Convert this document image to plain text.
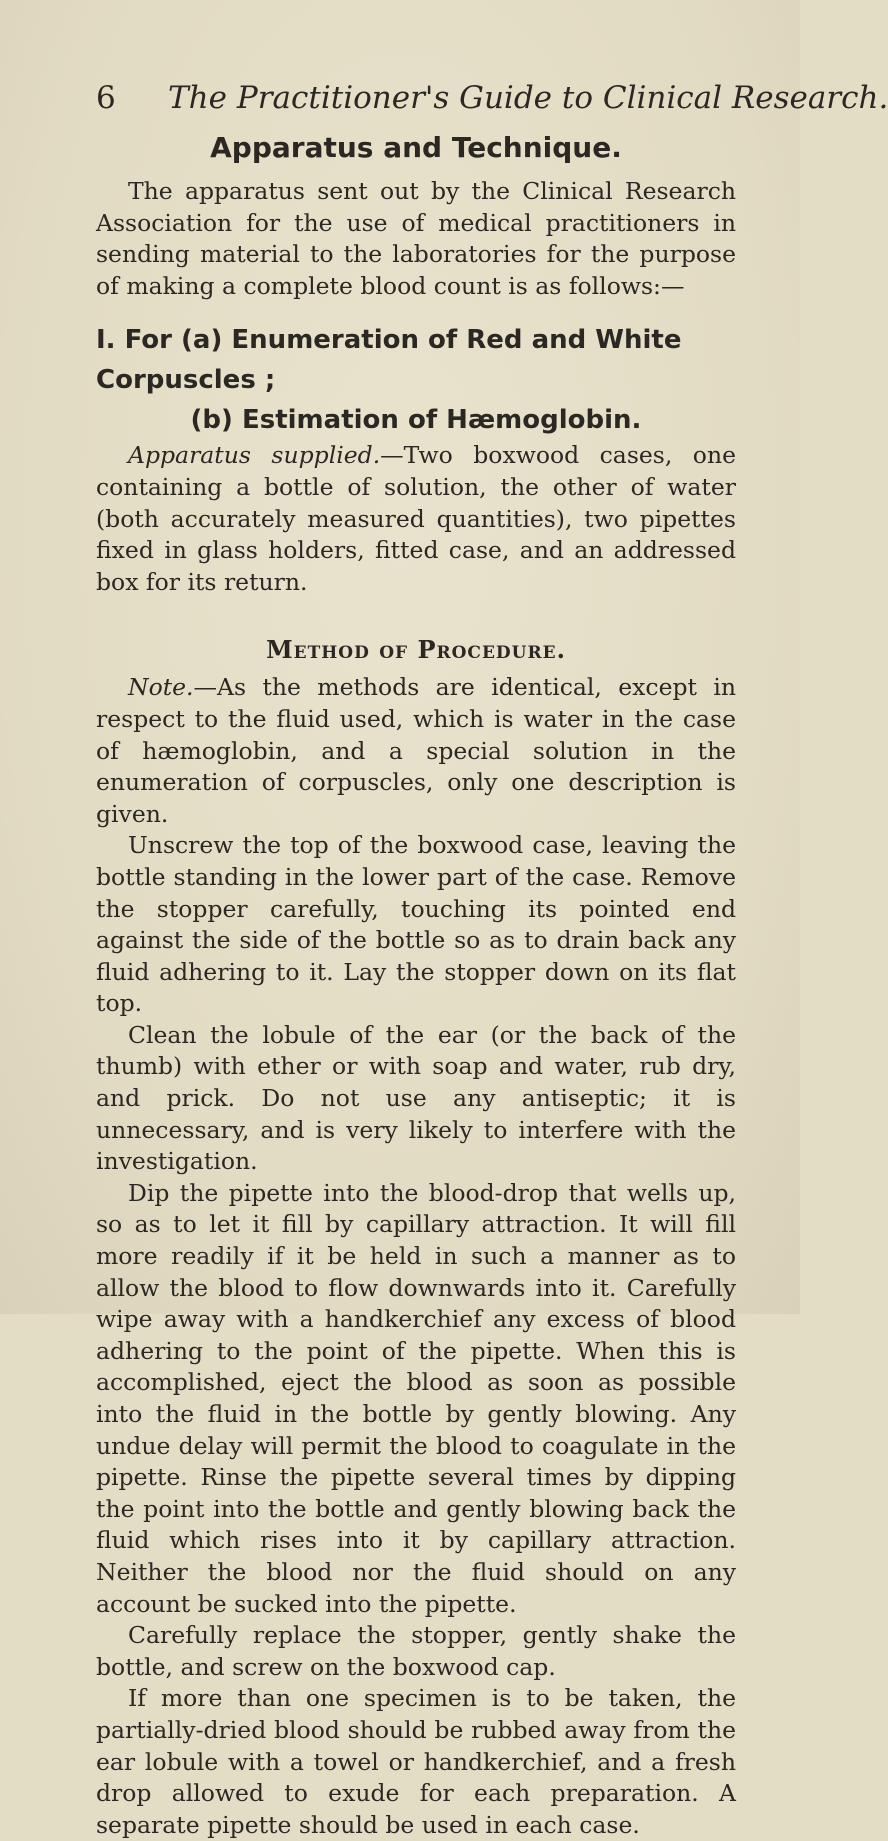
6 The Practitioner's Guide to Clinical Research.
Apparatus and Technique.

The apparatus sent out by the Clinical Research Association for the use of medical practitioners in sending material to the laboratories for the purpose of making a complete blood count is as follows:—

I. For (a) Enumeration of Red and White Corpuscles ;
(b) Estimation of Hæmoglobin.

Apparatus supplied.—Two boxwood cases, one containing a bottle of solution, the other of water (both accurately measured quantities), two pipettes fixed in glass holders, fitted case, and an addressed box for its return.

Method of Procedure.

Note.—As the methods are identical, except in respect to the fluid used, which is water in the case of hæmoglobin, and a special solution in the enumeration of corpuscles, only one description is given.

Unscrew the top of the boxwood case, leaving the bottle standing in the lower part of the case. Remove the stopper carefully, touching its pointed end against the side of the bottle so as to drain back any fluid adhering to it. Lay the stopper down on its flat top.

Clean the lobule of the ear (or the back of the thumb) with ether or with soap and water, rub dry, and prick. Do not use any antiseptic; it is unnecessary, and is very likely to interfere with the investigation.

Dip the pipette into the blood-drop that wells up, so as to let it fill by capillary attraction. It will fill more readily if it be held in such a manner as to allow the blood to flow downwards into it. Carefully wipe away with a handkerchief any excess of blood adhering to the point of the pipette. When this is accomplished, eject the blood as soon as possible into the fluid in the bottle by gently blowing. Any undue delay will permit the blood to coagulate in the pipette. Rinse the pipette several times by dipping the point into the bottle and gently blowing back the fluid which rises into it by capillary attraction. Neither the blood nor the fluid should on any account be sucked into the pipette.

Carefully replace the stopper, gently shake the bottle, and screw on the boxwood cap.

If more than one specimen is to be taken, the partially-dried blood should be rubbed away from the ear lobule with a towel or handkerchief, and a fresh drop allowed to exude for each preparation. A separate pipette should be used in each case.
